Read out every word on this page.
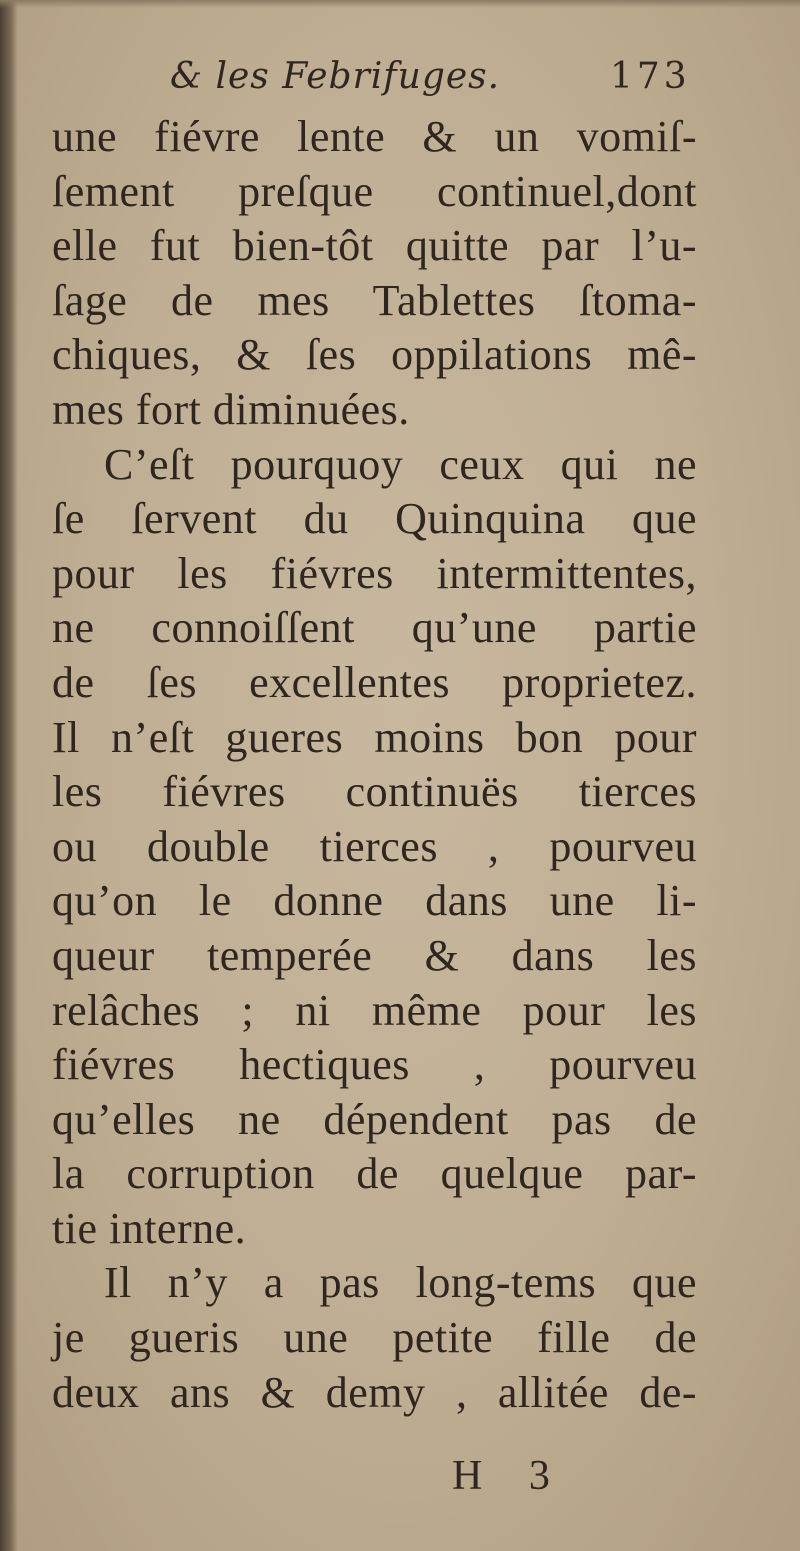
& les Febrifuges.	173
une fiévre lente & un vomiſ-
ſement preſque continuel,dont
elle fut bien-tôt quitte par l’u-
ſage de mes Tablettes ſtoma-
chiques, & ſes oppilations mê-
mes fort diminuées.
C’eſt pourquoy ceux qui ne
ſe ſervent du Quinquina que
pour les fiévres intermittentes,
ne connoiſſent qu’une partie
de ſes excellentes proprietez.
Il n’eſt gueres moins bon pour
les fiévres continuës tierces
ou double tierces , pourveu
qu’on le donne dans une li-
queur temperée & dans les
relâches ; ni même pour les
fiévres hectiques , pourveu
qu’elles ne dépendent pas de
la corruption de quelque par-
tie interne.
Il n’y a pas long-tems que
je gueris une petite fille de
deux ans & demy , allitée de-
H 3
